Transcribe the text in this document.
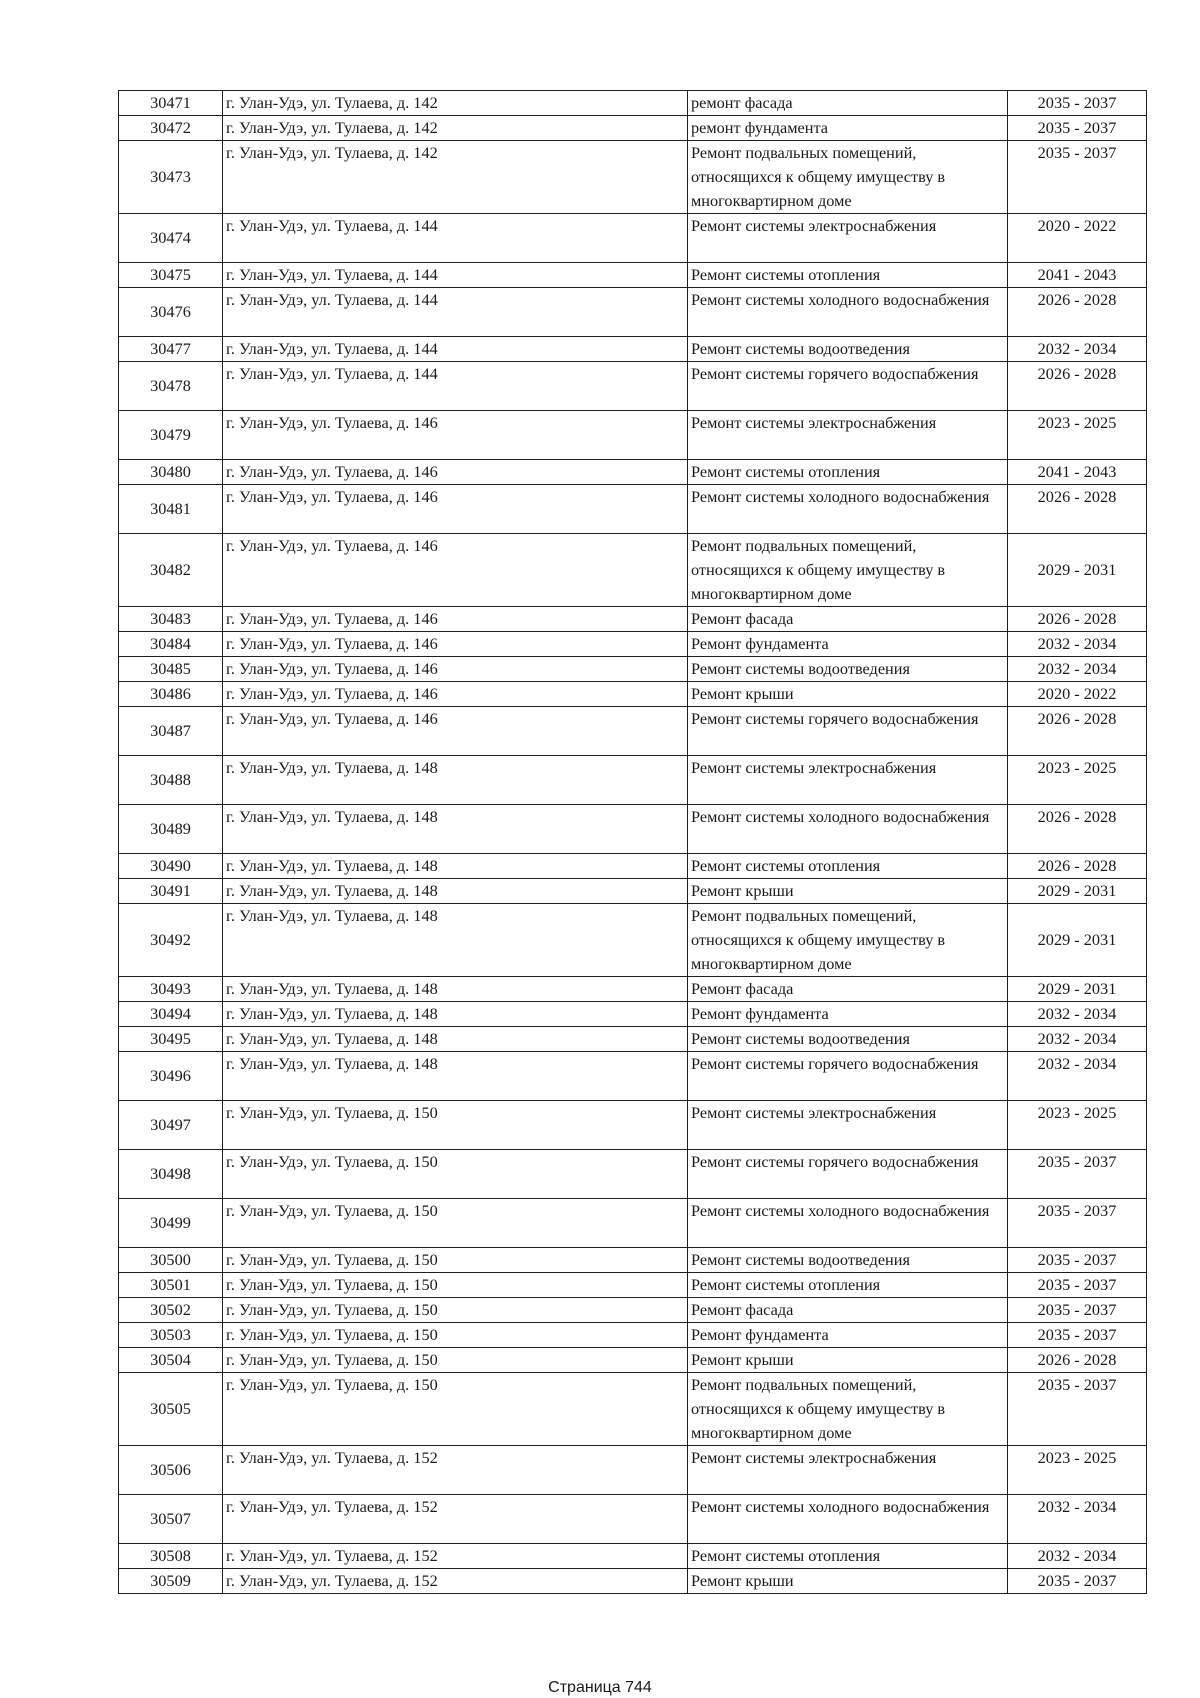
30471	г. Улан-Удэ, ул. Тулаева, д. 142	ремонт фасада	2035 - 2037
30472	г. Улан-Удэ, ул. Тулаева, д. 142	ремонт фундамента	2035 - 2037
30473	г. Улан-Удэ, ул. Тулаева, д. 142	Ремонт подвальных помещений, относящихся к общему имуществу в многоквартирном доме	2035 - 2037
30474	г. Улан-Удэ, ул. Тулаева, д. 144	Ремонт системы электроснабжения	2020 - 2022
30475	г. Улан-Удэ, ул. Тулаева, д. 144	Ремонт системы отопления	2041 - 2043
30476	г. Улан-Удэ, ул. Тулаева, д. 144	Ремонт системы холодного водоснабжения	2026 - 2028
30477	г. Улан-Удэ, ул. Тулаева, д. 144	Ремонт системы водоотведения	2032 - 2034
30478	г. Улан-Удэ, ул. Тулаева, д. 144	Ремонт системы горячего водоспабжения	2026 - 2028
30479	г. Улан-Удэ, ул. Тулаева, д. 146	Ремонт системы электроснабжения	2023 - 2025
30480	г. Улан-Удэ, ул. Тулаева, д. 146	Ремонт системы отопления	2041 - 2043
30481	г. Улан-Удэ, ул. Тулаева, д. 146	Ремонт системы холодного водоснабжения	2026 - 2028
30482	г. Улан-Удэ, ул. Тулаева, д. 146	Ремонт подвальных помещений, относящихся к общему имуществу в многоквартирном доме	2029 - 2031
30483	г. Улан-Удэ, ул. Тулаева, д. 146	Ремонт фасада	2026 - 2028
30484	г. Улан-Удэ, ул. Тулаева, д. 146	Ремонт фундамента	2032 - 2034
30485	г. Улан-Удэ, ул. Тулаева, д. 146	Ремонт системы водоотведения	2032 - 2034
30486	г. Улан-Удэ, ул. Тулаева, д. 146	Ремонт крыши	2020 - 2022
30487	г. Улан-Удэ, ул. Тулаева, д. 146	Ремонт системы горячего водоснабжения	2026 - 2028
30488	г. Улан-Удэ, ул. Тулаева, д. 148	Ремонт системы электроснабжения	2023 - 2025
30489	г. Улан-Удэ, ул. Тулаева, д. 148	Ремонт системы холодного водоснабжения	2026 - 2028
30490	г. Улан-Удэ, ул. Тулаева, д. 148	Ремонт системы отопления	2026 - 2028
30491	г. Улан-Удэ, ул. Тулаева, д. 148	Ремонт крыши	2029 - 2031
30492	г. Улан-Удэ, ул. Тулаева, д. 148	Ремонт подвальных помещений, относящихся к общему имуществу в многоквартирном доме	2029 - 2031
30493	г. Улан-Удэ, ул. Тулаева, д. 148	Ремонт фасада	2029 - 2031
30494	г. Улан-Удэ, ул. Тулаева, д. 148	Ремонт фундамента	2032 - 2034
30495	г. Улан-Удэ, ул. Тулаева, д. 148	Ремонт системы водоотведения	2032 - 2034
30496	г. Улан-Удэ, ул. Тулаева, д. 148	Ремонт системы горячего водоснабжения	2032 - 2034
30497	г. Улан-Удэ, ул. Тулаева, д. 150	Ремонт системы электроснабжения	2023 - 2025
30498	г. Улан-Удэ, ул. Тулаева, д. 150	Ремонт системы горячего водоснабжения	2035 - 2037
30499	г. Улан-Удэ, ул. Тулаева, д. 150	Ремонт системы холодного водоснабжения	2035 - 2037
30500	г. Улан-Удэ, ул. Тулаева, д. 150	Ремонт системы водоотведения	2035 - 2037
30501	г. Улан-Удэ, ул. Тулаева, д. 150	Ремонт системы отопления	2035 - 2037
30502	г. Улан-Удэ, ул. Тулаева, д. 150	Ремонт фасада	2035 - 2037
30503	г. Улан-Удэ, ул. Тулаева, д. 150	Ремонт фундамента	2035 - 2037
30504	г. Улан-Удэ, ул. Тулаева, д. 150	Ремонт крыши	2026 - 2028
30505	г. Улан-Удэ, ул. Тулаева, д. 150	Ремонт подвальных помещений, относящихся к общему имуществу в многоквартирном доме	2035 - 2037
30506	г. Улан-Удэ, ул. Тулаева, д. 152	Ремонт системы электроснабжения	2023 - 2025
30507	г. Улан-Удэ, ул. Тулаева, д. 152	Ремонт системы холодного водоснабжения	2032 - 2034
30508	г. Улан-Удэ, ул. Тулаева, д. 152	Ремонт системы отопления	2032 - 2034
30509	г. Улан-Удэ, ул. Тулаева, д. 152	Ремонт крыши	2035 - 2037
Страница 744
